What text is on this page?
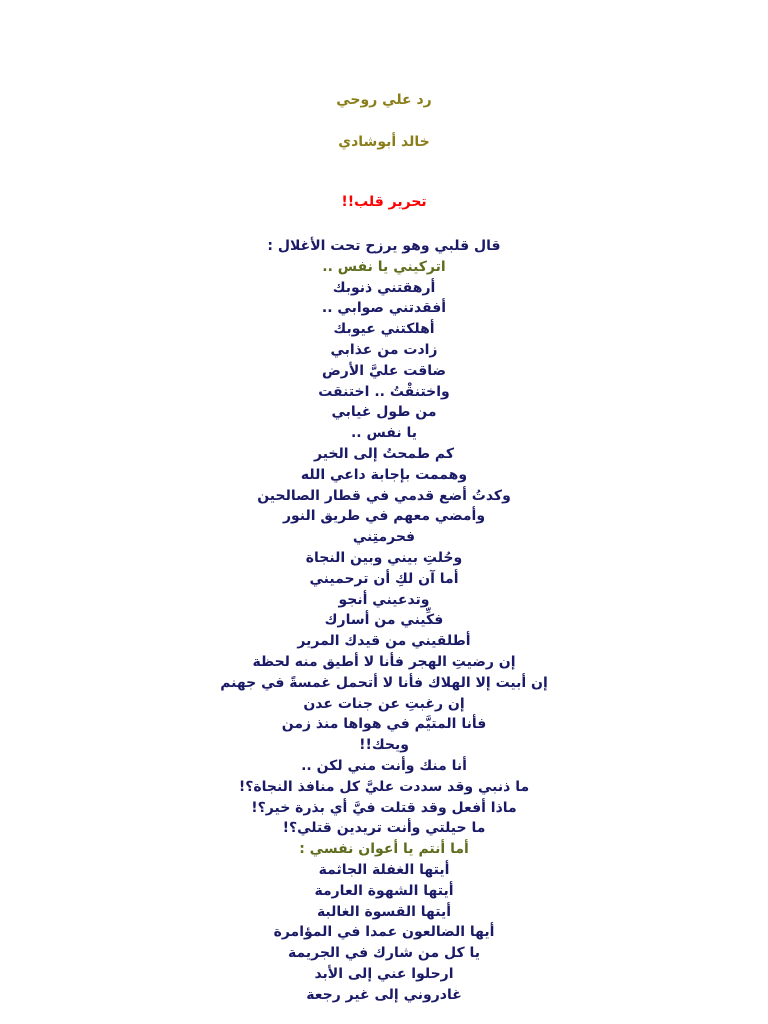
رد علي روحي
خالد أبوشادي
تحرير قلب!!
قال قلبي وهو يرزح تحت الأغلال :
اتركيني يا نفس ..
أرهقتني ذنوبك
أفقدتني صوابي ..
أهلكتني عيوبك
زادت من عذابي
ضاقت عليَّ الأرض
واختنقْتُ .. اختنقت
من طول غيابي
يا نفس ..
كم طمحتُ إلى الخير
وهممت بإجابة داعي الله
وكدتُ أضع قدمي في قطار الصالحين
وأمضي معهم في طريق النور
فحرمتِني
وحُلتِ بيني وبين النجاة
أما آن لكِ أن ترحميني
وتدعيني أنجو
فكِّيني من أسارك
أطلقيني من قيدك المرير
إن رضيتِ الهجر فأنا لا أطيق منه لحظة
إن أبيت إلا الهلاك فأنا لا أتحمل غمسةً في جهنم
إن رغبتِ عن جنات عدن
فأنا المتيَّم في هواها منذ زمن
ويحك!!
أنا منك وأنت مني لكن ..
ما ذنبي وقد سددت عليَّ كل منافذ النجاة؟!
ماذا أفعل وقد قتلت فيَّ أي بذرة خير؟!
ما حيلتي وأنت تريدين قتلي؟!
أما أنتم يا أعوان نفسي :
أيتها الغفلة الجاثمة
أيتها الشهوة العارمة
أيتها القسوة الغالبة
أيها الضالعون عمدا في المؤامرة
يا كل من شارك في الجريمة
ارحلوا عني إلى الأبد
غادروني إلى غير رجعة
